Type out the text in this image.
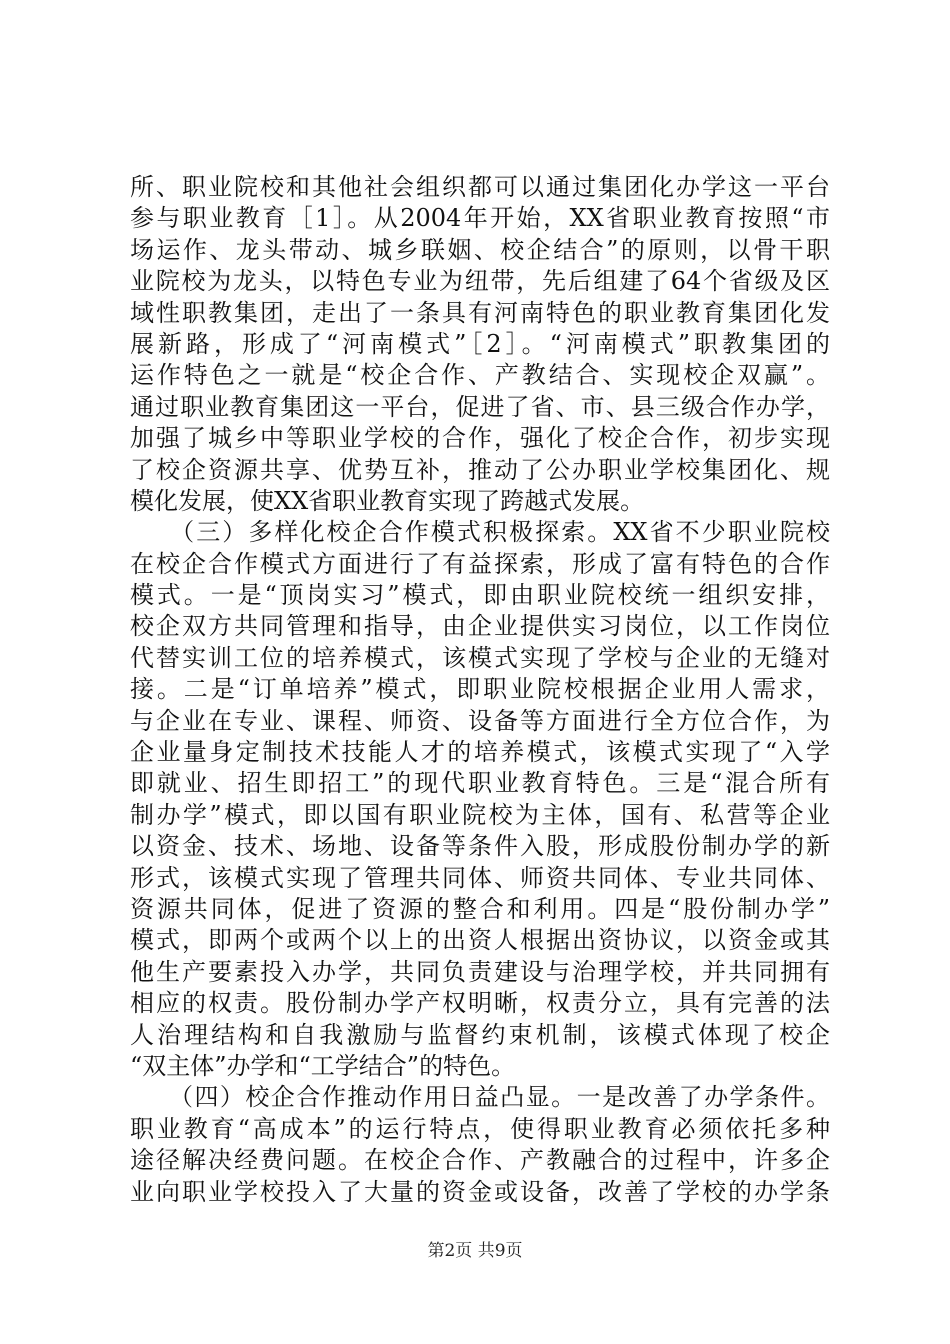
所、职业院校和其他社会组织都可以通过集团化办学这一平台
参与职业教育［1］。从2004年开始，XX省职业教育按照“市
场运作、龙头带动、城乡联姻、校企结合”的原则，以骨干职
业院校为龙头，以特色专业为纽带，先后组建了64个省级及区
域性职教集团，走出了一条具有河南特色的职业教育集团化发
展新路，形成了“河南模式”［2］。“河南模式”职教集团的
运作特色之一就是“校企合作、产教结合、实现校企双赢”。
通过职业教育集团这一平台，促进了省、市、县三级合作办学，
加强了城乡中等职业学校的合作，强化了校企合作，初步实现
了校企资源共享、优势互补，推动了公办职业学校集团化、规
模化发展，使XX省职业教育实现了跨越式发展。
　　（三）多样化校企合作模式积极探索。XX省不少职业院校
在校企合作模式方面进行了有益探索，形成了富有特色的合作
模式。一是“顶岗实习”模式，即由职业院校统一组织安排，
校企双方共同管理和指导，由企业提供实习岗位，以工作岗位
代替实训工位的培养模式，该模式实现了学校与企业的无缝对
接。二是“订单培养”模式，即职业院校根据企业用人需求，
与企业在专业、课程、师资、设备等方面进行全方位合作，为
企业量身定制技术技能人才的培养模式，该模式实现了“入学
即就业、招生即招工”的现代职业教育特色。三是“混合所有
制办学”模式，即以国有职业院校为主体，国有、私营等企业
以资金、技术、场地、设备等条件入股，形成股份制办学的新
形式，该模式实现了管理共同体、师资共同体、专业共同体、
资源共同体，促进了资源的整合和利用。四是“股份制办学”
模式，即两个或两个以上的出资人根据出资协议，以资金或其
他生产要素投入办学，共同负责建设与治理学校，并共同拥有
相应的权责。股份制办学产权明晰，权责分立，具有完善的法
人治理结构和自我激励与监督约束机制，该模式体现了校企
“双主体”办学和“工学结合”的特色。
　　（四）校企合作推动作用日益凸显。一是改善了办学条件。
职业教育“高成本”的运行特点，使得职业教育必须依托多种
途径解决经费问题。在校企合作、产教融合的过程中，许多企
业向职业学校投入了大量的资金或设备，改善了学校的办学条
第2页 共9页
